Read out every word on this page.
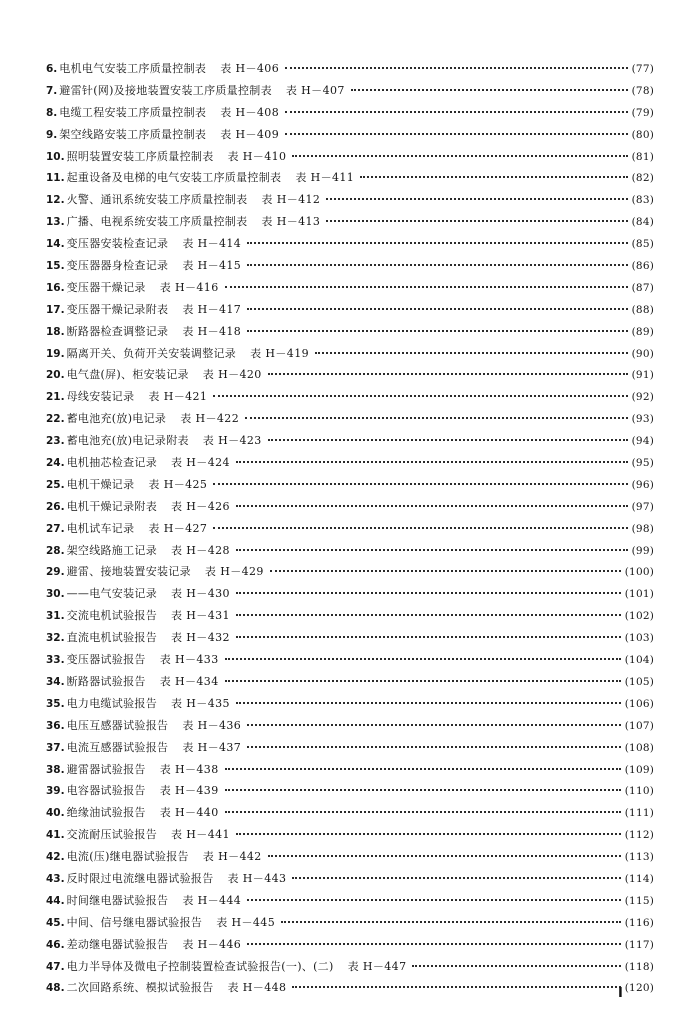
6. 电机电气安装工序质量控制表 表 H－406	(77)
7. 避雷针(网)及接地装置安装工序质量控制表 表 H－407	(78)
8. 电缆工程安装工序质量控制表 表 H－408	(79)
9. 架空线路安装工序质量控制表 表 H－409	(80)
10. 照明装置安装工序质量控制表 表 H－410	(81)
11. 起重设备及电梯的电气安装工序质量控制表 表 H－411	(82)
12. 火警、通讯系统安装工序质量控制表 表 H－412	(83)
13. 广播、电视系统安装工序质量控制表 表 H－413	(84)
14. 变压器安装检查记录 表 H－414	(85)
15. 变压器器身检查记录 表 H－415	(86)
16. 变压器干燥记录 表 H－416	(87)
17. 变压器干燥记录附表 表 H－417	(88)
18. 断路器检查调整记录 表 H－418	(89)
19. 隔离开关、负荷开关安装调整记录 表 H－419	(90)
20. 电气盘(屏)、柜安装记录 表 H－420	(91)
21. 母线安装记录 表 H－421	(92)
22. 蓄电池充(放)电记录 表 H－422	(93)
23. 蓄电池充(放)电记录附表 表 H－423	(94)
24. 电机抽芯检查记录 表 H－424	(95)
25. 电机干燥记录 表 H－425	(96)
26. 电机干燥记录附表 表 H－426	(97)
27. 电机试车记录 表 H－427	(98)
28. 架空线路施工记录 表 H－428	(99)
29. 避雷、接地装置安装记录 表 H－429	(100)
30. ——电气安装记录 表 H－430	(101)
31. 交流电机试验报告 表 H－431	(102)
32. 直流电机试验报告 表 H－432	(103)
33. 变压器试验报告 表 H－433	(104)
34. 断路器试验报告 表 H－434	(105)
35. 电力电缆试验报告 表 H－435	(106)
36. 电压互感器试验报告 表 H－436	(107)
37. 电流互感器试验报告 表 H－437	(108)
38. 避雷器试验报告 表 H－438	(109)
39. 电容器试验报告 表 H－439	(110)
40. 绝缘油试验报告 表 H－440	(111)
41. 交流耐压试验报告 表 H－441	(112)
42. 电流(压)继电器试验报告 表 H－442	(113)
43. 反时限过电流继电器试验报告 表 H－443	(114)
44. 时间继电器试验报告 表 H－444	(115)
45. 中间、信号继电器试验报告 表 H－445	(116)
46. 差动继电器试验报告 表 H－446	(117)
47. 电力半导体及微电子控制装置检查试验报告(一)、(二) 表 H－447	(118)
48. 二次回路系统、模拟试验报告 表 H－448	(120)
I
